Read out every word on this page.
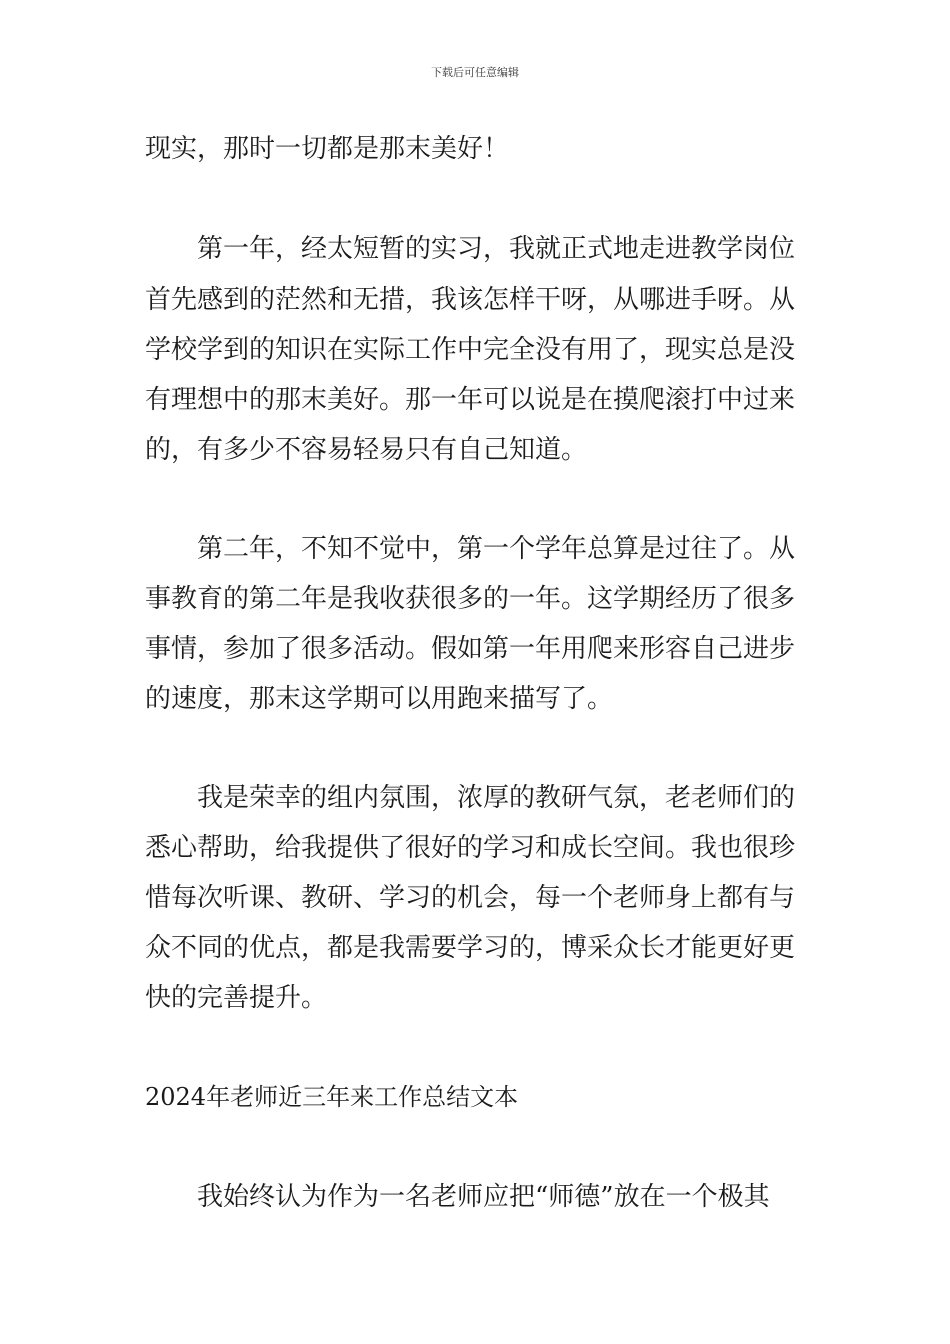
下载后可任意编辑
现实，那时一切都是那末美好！
第一年，经太短暂的实习，我就正式地走进教学岗位
首先感到的茫然和无措，我该怎样干呀，从哪进手呀。从
学校学到的知识在实际工作中完全没有用了，现实总是没
有理想中的那末美好。那一年可以说是在摸爬滚打中过来
的，有多少不容易轻易只有自己知道。
第二年，不知不觉中，第一个学年总算是过往了。从
事教育的第二年是我收获很多的一年。这学期经历了很多
事情，参加了很多活动。假如第一年用爬来形容自己进步
的速度，那末这学期可以用跑来描写了。
我是荣幸的组内氛围，浓厚的教研气氛，老老师们的
悉心帮助，给我提供了很好的学习和成长空间。我也很珍
惜每次听课、教研、学习的机会，每一个老师身上都有与
众不同的优点，都是我需要学习的，博采众长才能更好更
快的完善提升。
2024年老师近三年来工作总结文本
我始终认为作为一名老师应把“师德”放在一个极其
